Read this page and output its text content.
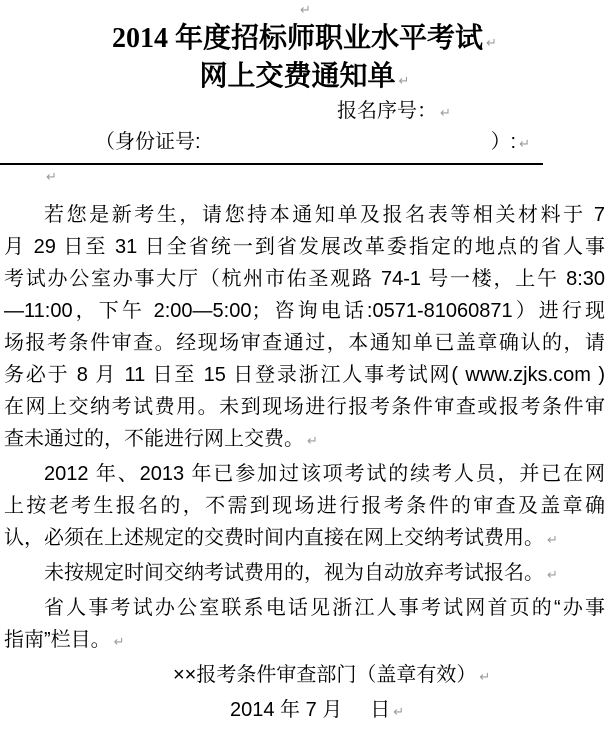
↵
2014 年度招标师职业水平考试 ↵
网上交费通知单 ↵
报名序号： ↵
（身份证号:	）: ↵
↵
若您是新考生，请您持本通知单及报名表等相关材料于 7
月 29 日至 31 日全省统一到省发展改革委指定的地点的省人事
考试办公室办事大厅（杭州市佑圣观路 74-1 号一楼，上午 8:30
—11:00，下午 2:00—5:00；咨询电话:0571-81060871）进行现
场报考条件审查。经现场审查通过，本通知单已盖章确认的，请
务必于 8 月 11 日至 15 日登录浙江人事考试网( www.zjks.com )
在网上交纳考试费用。未到现场进行报考条件审查或报考条件审
查未通过的，不能进行网上交费。 ↵
2012 年、2013 年已参加过该项考试的续考人员，并已在网
上按老考生报名的，不需到现场进行报考条件的审查及盖章确
认，必须在上述规定的交费时间内直接在网上交纳考试费用。 ↵
未按规定时间交纳考试费用的，视为自动放弃考试报名。 ↵
省人事考试办公室联系电话见浙江人事考试网首页的“办事
指南”栏目。 ↵
××报考条件审查部门（盖章有效） ↵
2014 年 7 月 日 ↵
